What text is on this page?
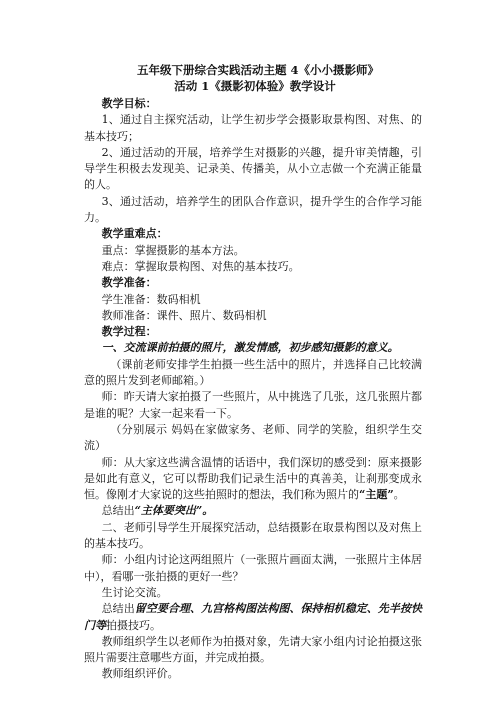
五年级下册综合实践活动主题 4《小小摄影师》

活动 1《摄影初体验》教学设计

教学目标：

1、通过自主探究活动，让学生初步学会摄影取景构图、对焦、的基本技巧；

2、通过活动的开展，培养学生对摄影的兴趣，提升审美情趣，引导学生积极去发现美、记录美、传播美，从小立志做一个充满正能量的人。

3、通过活动，培养学生的团队合作意识，提升学生的合作学习能力。

教学重难点：

重点：掌握摄影的基本方法。

难点：掌握取景构图、对焦的基本技巧。

教学准备：

学生准备：数码相机

教师准备：课件、照片、数码相机

教学过程：

一、交流课前拍摄的照片，激发情感，初步感知摄影的意义。

（课前老师安排学生拍摄一些生活中的照片，并选择自己比较满意的照片发到老师邮箱。）

师：昨天请大家拍摄了一些照片，从中挑选了几张，这几张照片都是谁的呢？大家一起来看一下。

（分别展示 妈妈在家做家务、老师、同学的笑脸，组织学生交流）

师：从大家这些满含温情的话语中，我们深切的感受到：原来摄影是如此有意义，它可以帮助我们记录生活中的真善美，让刹那变成永恒。像刚才大家说的这些拍照时的想法，我们称为照片的“主题”。

总结出“主体要突出”。

二、老师引导学生开展探究活动，总结摄影在取景构图以及对焦上的基本技巧。

师：小组内讨论这两组照片（一张照片画面太满，一张照片主体居中），看哪一张拍摄的更好一些？

生讨论交流。

总结出留空要合理、九宫格构图法构图、保持相机稳定、先半按快门等拍摄技巧。

教师组织学生以老师作为拍摄对象，先请大家小组内讨论拍摄这张照片需要注意哪些方面，并完成拍摄。

教师组织评价。
